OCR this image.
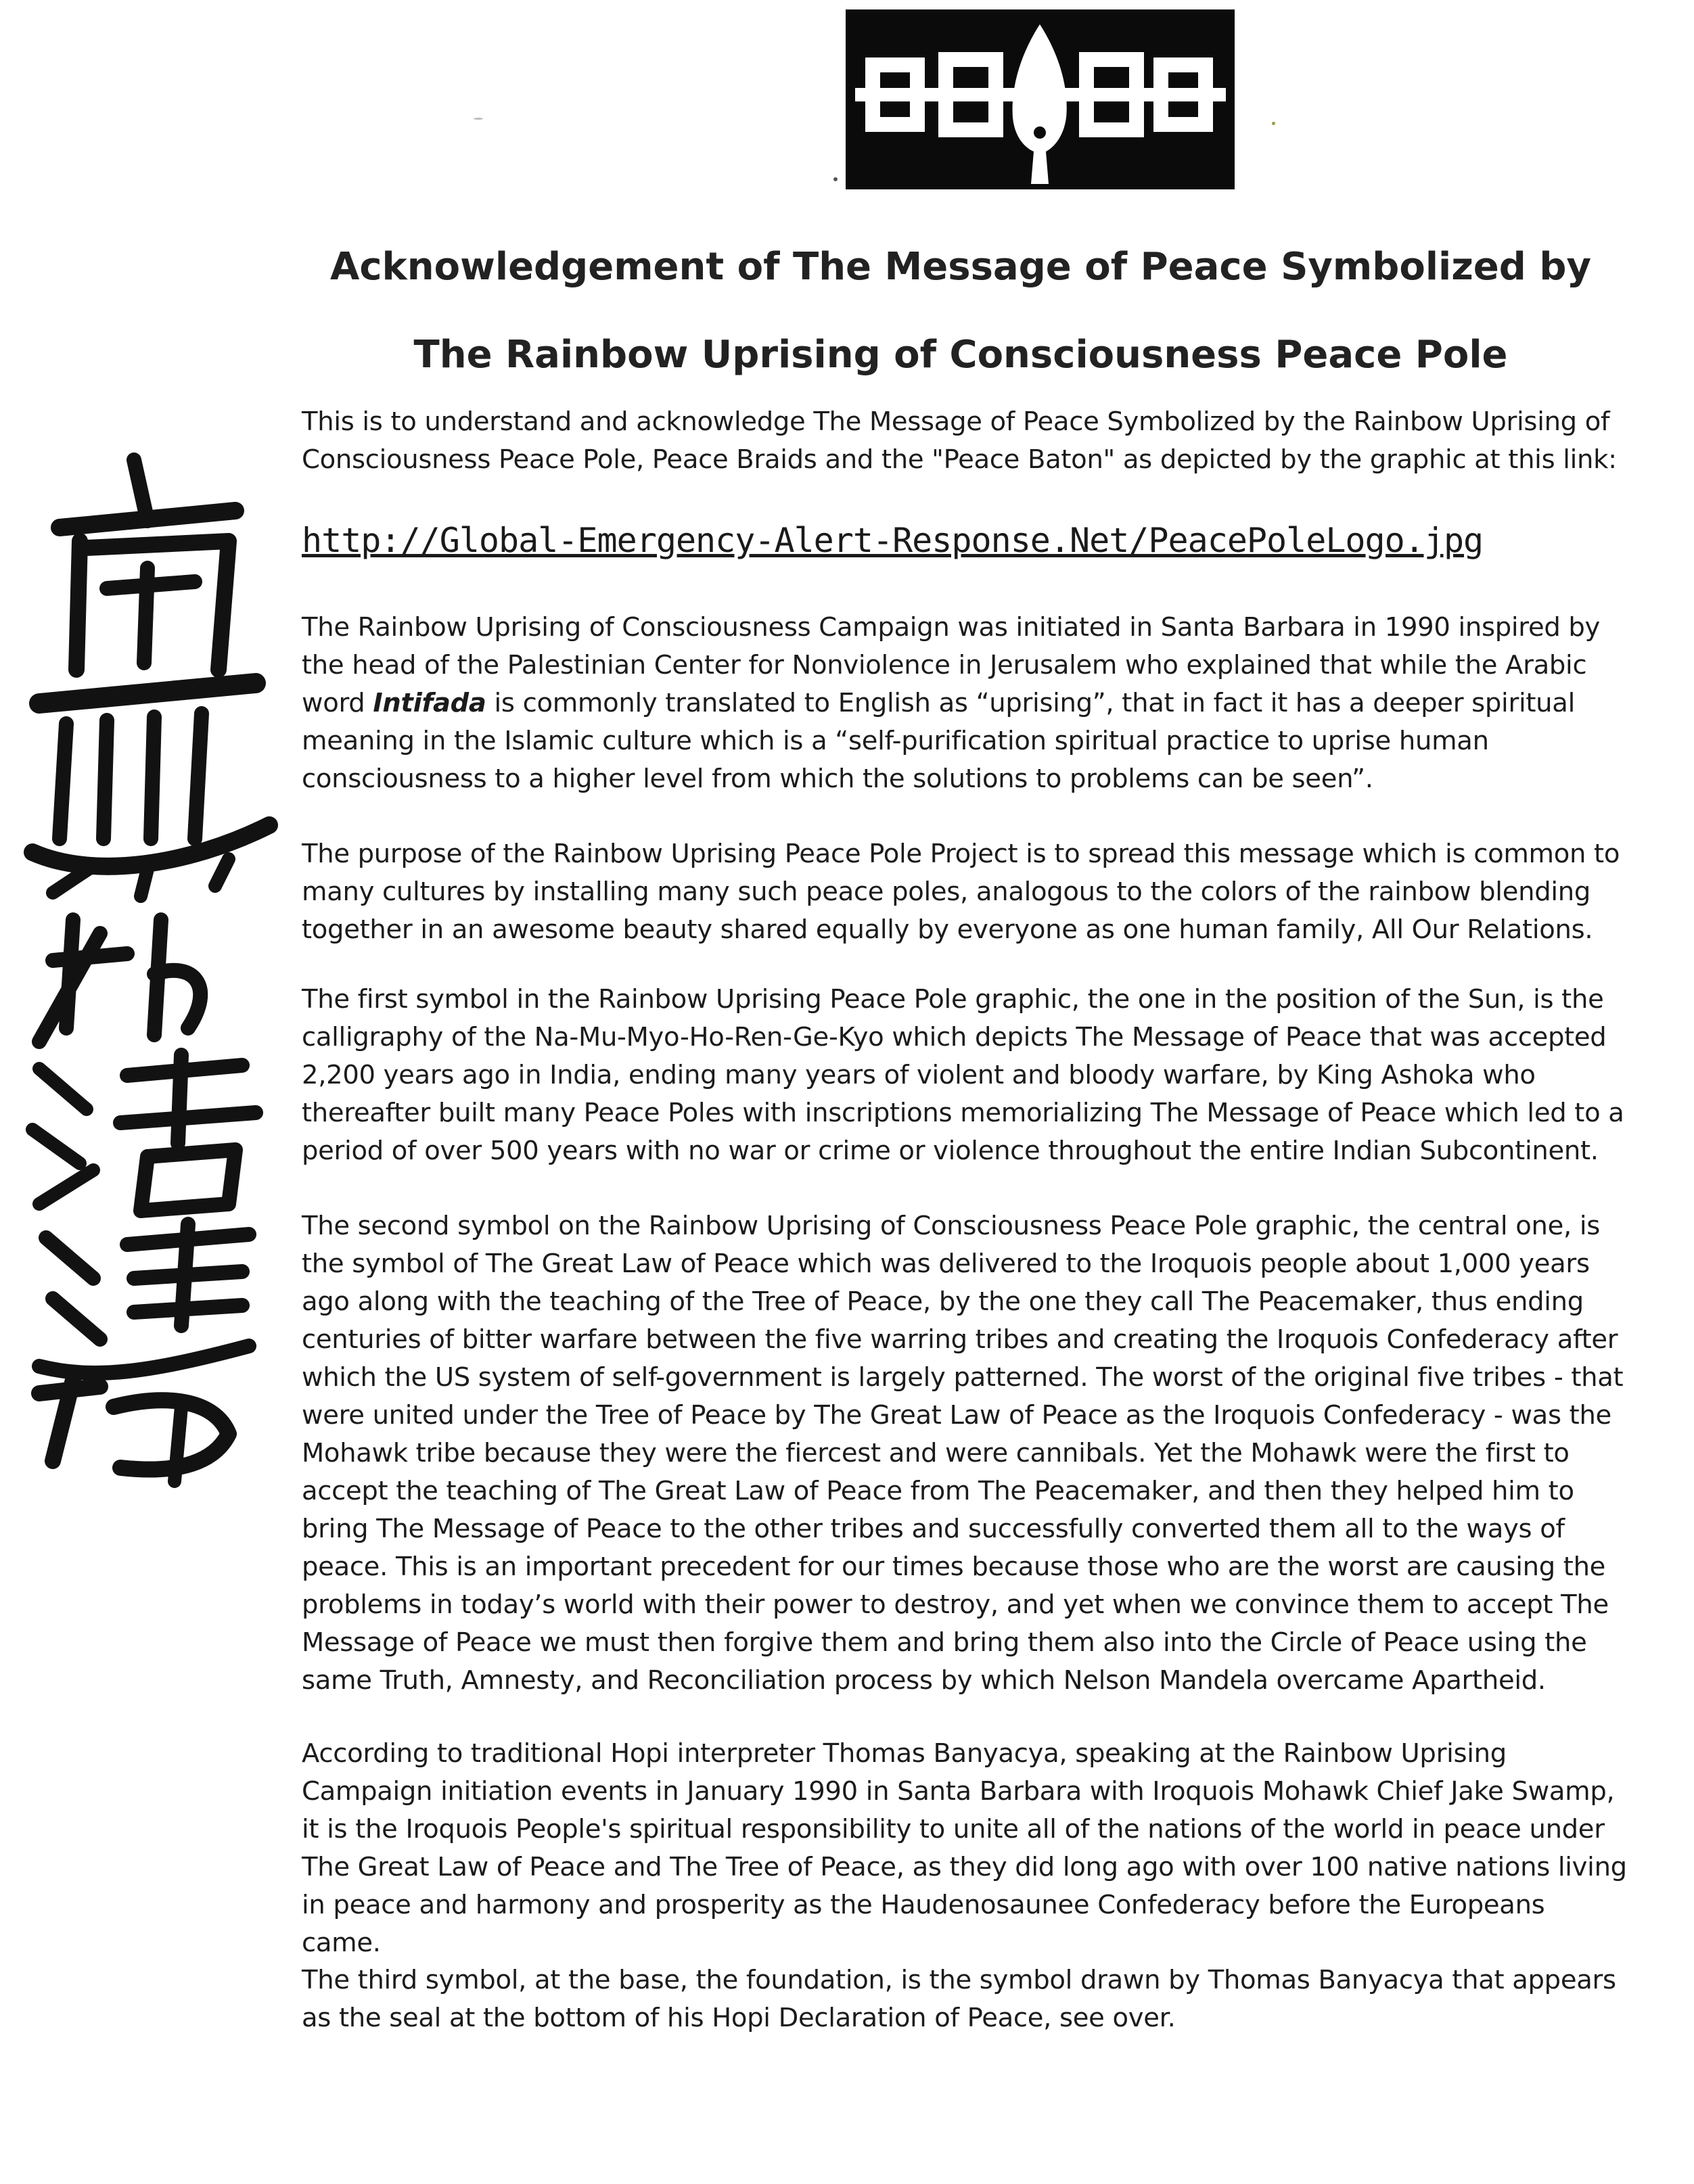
Acknowledgement of The Message of Peace Symbolized by
The Rainbow Uprising of Consciousness Peace Pole

This is to understand and acknowledge The Message of Peace Symbolized by the Rainbow Uprising of Consciousness Peace Pole, Peace Braids and the "Peace Baton" as depicted by the graphic at this link:

http://Global-Emergency-Alert-Response.Net/PeacePoleLogo.jpg

The Rainbow Uprising of Consciousness Campaign was initiated in Santa Barbara in 1990 inspired by the head of the Palestinian Center for Nonviolence in Jerusalem who explained that while the Arabic word Intifada is commonly translated to English as “uprising”, that in fact it has a deeper spiritual meaning in the Islamic culture which is a “self-purification spiritual practice to uprise human consciousness to a higher level from which the solutions to problems can be seen”.

The purpose of the Rainbow Uprising Peace Pole Project is to spread this message which is common to many cultures by installing many such peace poles, analogous to the colors of the rainbow blending together in an awesome beauty shared equally by everyone as one human family, All Our Relations.

The first symbol in the Rainbow Uprising Peace Pole graphic, the one in the position of the Sun, is the calligraphy of the Na-Mu-Myo-Ho-Ren-Ge-Kyo which depicts The Message of Peace that was accepted 2,200 years ago in India, ending many years of violent and bloody warfare, by King Ashoka who thereafter built many Peace Poles with inscriptions memorializing The Message of Peace which led to a period of over 500 years with no war or crime or violence throughout the entire Indian Subcontinent.

The second symbol on the Rainbow Uprising of Consciousness Peace Pole graphic, the central one, is the symbol of The Great Law of Peace which was delivered to the Iroquois people about 1,000 years ago along with the teaching of the Tree of Peace, by the one they call The Peacemaker, thus ending centuries of bitter warfare between the five warring tribes and creating the Iroquois Confederacy after which the US system of self-government is largely patterned. The worst of the original five tribes - that were united under the Tree of Peace by The Great Law of Peace as the Iroquois Confederacy - was the Mohawk tribe because they were the fiercest and were cannibals. Yet the Mohawk were the first to accept the teaching of The Great Law of Peace from The Peacemaker, and then they helped him to bring The Message of Peace to the other tribes and successfully converted them all to the ways of peace. This is an important precedent for our times because those who are the worst are causing the problems in today’s world with their power to destroy, and yet when we convince them to accept The Message of Peace we must then forgive them and bring them also into the Circle of Peace using the same Truth, Amnesty, and Reconciliation process by which Nelson Mandela overcame Apartheid.

According to traditional Hopi interpreter Thomas Banyacya, speaking at the Rainbow Uprising Campaign initiation events in January 1990 in Santa Barbara with Iroquois Mohawk Chief Jake Swamp, it is the Iroquois People's spiritual responsibility to unite all of the nations of the world in peace under The Great Law of Peace and The Tree of Peace, as they did long ago with over 100 native nations living in peace and harmony and prosperity as the Haudenosaunee Confederacy before the Europeans came.

The third symbol, at the base, the foundation, is the symbol drawn by Thomas Banyacya that appears as the seal at the bottom of his Hopi Declaration of Peace, see over.
